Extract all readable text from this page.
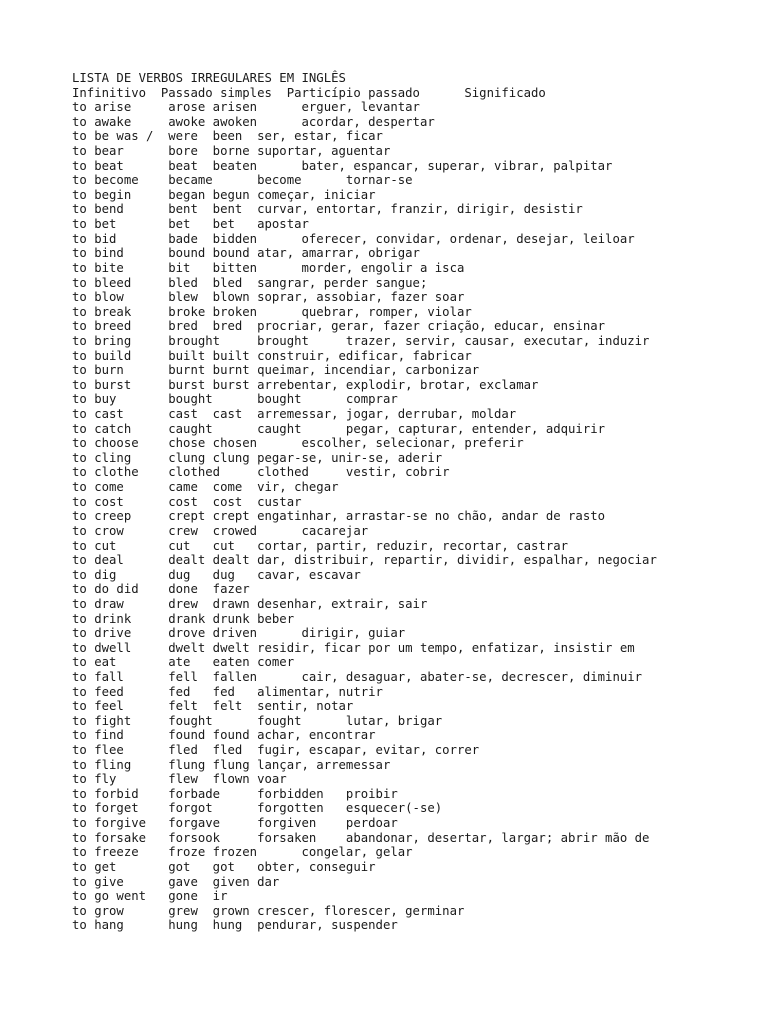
LISTA DE VERBOS IRREGULARES EM INGLÊS
Infinitivo  Passado simples  Particípio passado      Significado
to arise     arose arisen      erguer, levantar
to awake     awoke awoken      acordar, despertar
to be was /  were  been  ser, estar, ficar
to bear      bore  borne suportar, aguentar
to beat      beat  beaten      bater, espancar, superar, vibrar, palpitar
to become    became      become      tornar-se
to begin     began begun começar, iniciar
to bend      bent  bent  curvar, entortar, franzir, dirigir, desistir
to bet       bet   bet   apostar
to bid       bade  bidden      oferecer, convidar, ordenar, desejar, leiloar
to bind      bound bound atar, amarrar, obrigar
to bite      bit   bitten      morder, engolir a isca
to bleed     bled  bled  sangrar, perder sangue;
to blow      blew  blown soprar, assobiar, fazer soar
to break     broke broken      quebrar, romper, violar
to breed     bred  bred  procriar, gerar, fazer criação, educar, ensinar
to bring     brought     brought     trazer, servir, causar, executar, induzir
to build     built built construir, edificar, fabricar
to burn      burnt burnt queimar, incendiar, carbonizar
to burst     burst burst arrebentar, explodir, brotar, exclamar
to buy       bought      bought      comprar
to cast      cast  cast  arremessar, jogar, derrubar, moldar
to catch     caught      caught      pegar, capturar, entender, adquirir
to choose    chose chosen      escolher, selecionar, preferir
to cling     clung clung pegar-se, unir-se, aderir
to clothe    clothed     clothed     vestir, cobrir
to come      came  come  vir, chegar
to cost      cost  cost  custar
to creep     crept crept engatinhar, arrastar-se no chão, andar de rasto
to crow      crew  crowed      cacarejar
to cut       cut   cut   cortar, partir, reduzir, recortar, castrar
to deal      dealt dealt dar, distribuir, repartir, dividir, espalhar, negociar
to dig       dug   dug   cavar, escavar
to do did    done  fazer
to draw      drew  drawn desenhar, extrair, sair
to drink     drank drunk beber
to drive     drove driven      dirigir, guiar
to dwell     dwelt dwelt residir, ficar por um tempo, enfatizar, insistir em
to eat       ate   eaten comer
to fall      fell  fallen      cair, desaguar, abater-se, decrescer, diminuir
to feed      fed   fed   alimentar, nutrir
to feel      felt  felt  sentir, notar
to fight     fought      fought      lutar, brigar
to find      found found achar, encontrar
to flee      fled  fled  fugir, escapar, evitar, correr
to fling     flung flung lançar, arremessar
to fly       flew  flown voar
to forbid    forbade     forbidden   proibir
to forget    forgot      forgotten   esquecer(-se)
to forgive   forgave     forgiven    perdoar
to forsake   forsook     forsaken    abandonar, desertar, largar; abrir mão de
to freeze    froze frozen      congelar, gelar
to get       got   got   obter, conseguir
to give      gave  given dar
to go went   gone  ir
to grow      grew  grown crescer, florescer, germinar
to hang      hung  hung  pendurar, suspender
